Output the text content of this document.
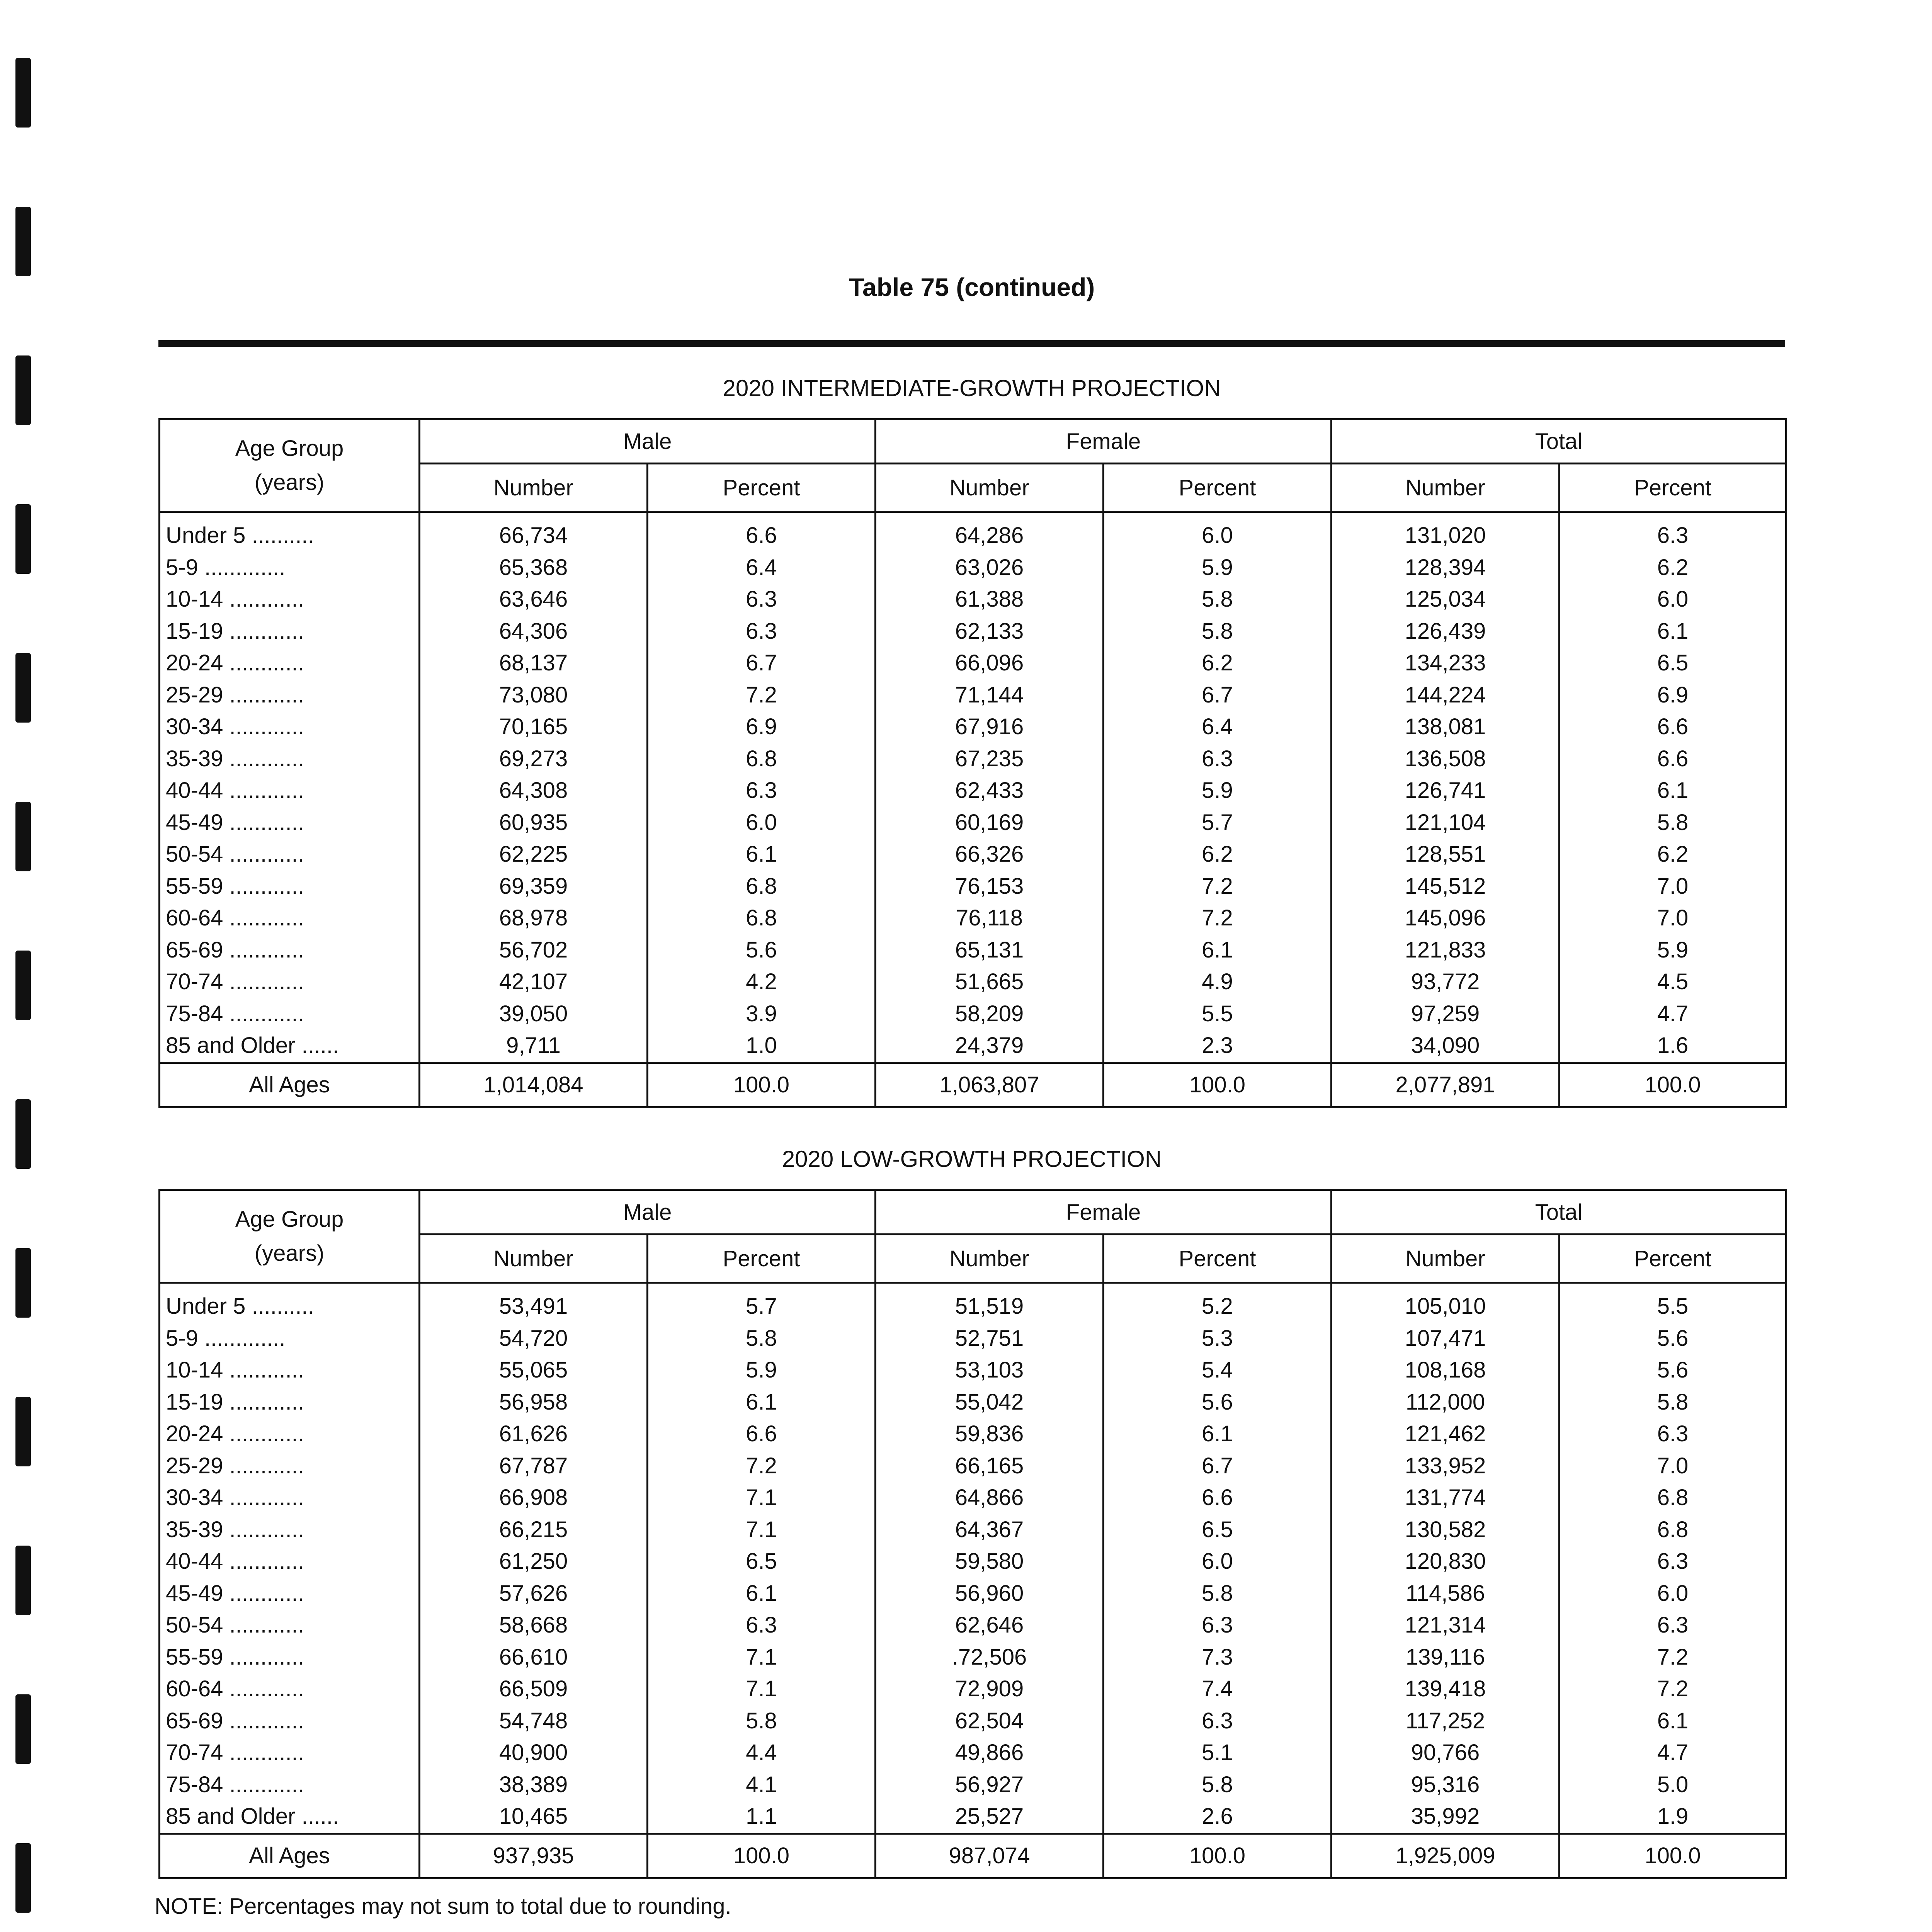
Table 75 (continued)
2020 INTERMEDIATE-GROWTH PROJECTION
Age Group
(years)	Male		Female		Total	
	Number	Percent	Number	Percent	Number	Percent
Under 5 ..........	66,734	6.6	64,286	6.0	131,020	6.3
5-9 .............	65,368	6.4	63,026	5.9	128,394	6.2
10-14 ............	63,646	6.3	61,388	5.8	125,034	6.0
15-19 ............	64,306	6.3	62,133	5.8	126,439	6.1
20-24 ............	68,137	6.7	66,096	6.2	134,233	6.5
25-29 ............	73,080	7.2	71,144	6.7	144,224	6.9
30-34 ............	70,165	6.9	67,916	6.4	138,081	6.6
35-39 ............	69,273	6.8	67,235	6.3	136,508	6.6
40-44 ............	64,308	6.3	62,433	5.9	126,741	6.1
45-49 ............	60,935	6.0	60,169	5.7	121,104	5.8
50-54 ............	62,225	6.1	66,326	6.2	128,551	6.2
55-59 ............	69,359	6.8	76,153	7.2	145,512	7.0
60-64 ............	68,978	6.8	76,118	7.2	145,096	7.0
65-69 ............	56,702	5.6	65,131	6.1	121,833	5.9
70-74 ............	42,107	4.2	51,665	4.9	93,772	4.5
75-84 ............	39,050	3.9	58,209	5.5	97,259	4.7
85 and Older ......	9,711	1.0	24,379	2.3	34,090	1.6
All Ages	1,014,084	100.0	1,063,807	100.0	2,077,891	100.0
2020 LOW-GROWTH PROJECTION
Age Group
(years)	Male		Female		Total	
	Number	Percent	Number	Percent	Number	Percent
Under 5 ..........	53,491	5.7	51,519	5.2	105,010	5.5
5-9 .............	54,720	5.8	52,751	5.3	107,471	5.6
10-14 ............	55,065	5.9	53,103	5.4	108,168	5.6
15-19 ............	56,958	6.1	55,042	5.6	112,000	5.8
20-24 ............	61,626	6.6	59,836	6.1	121,462	6.3
25-29 ............	67,787	7.2	66,165	6.7	133,952	7.0
30-34 ............	66,908	7.1	64,866	6.6	131,774	6.8
35-39 ............	66,215	7.1	64,367	6.5	130,582	6.8
40-44 ............	61,250	6.5	59,580	6.0	120,830	6.3
45-49 ............	57,626	6.1	56,960	5.8	114,586	6.0
50-54 ............	58,668	6.3	62,646	6.3	121,314	6.3
55-59 ............	66,610	7.1	.72,506	7.3	139,116	7.2
60-64 ............	66,509	7.1	72,909	7.4	139,418	7.2
65-69 ............	54,748	5.8	62,504	6.3	117,252	6.1
70-74 ............	40,900	4.4	49,866	5.1	90,766	4.7
75-84 ............	38,389	4.1	56,927	5.8	95,316	5.0
85 and Older ......	10,465	1.1	25,527	2.6	35,992	1.9
All Ages	937,935	100.0	987,074	100.0	1,925,009	100.0
NOTE: Percentages may not sum to total due to rounding.
